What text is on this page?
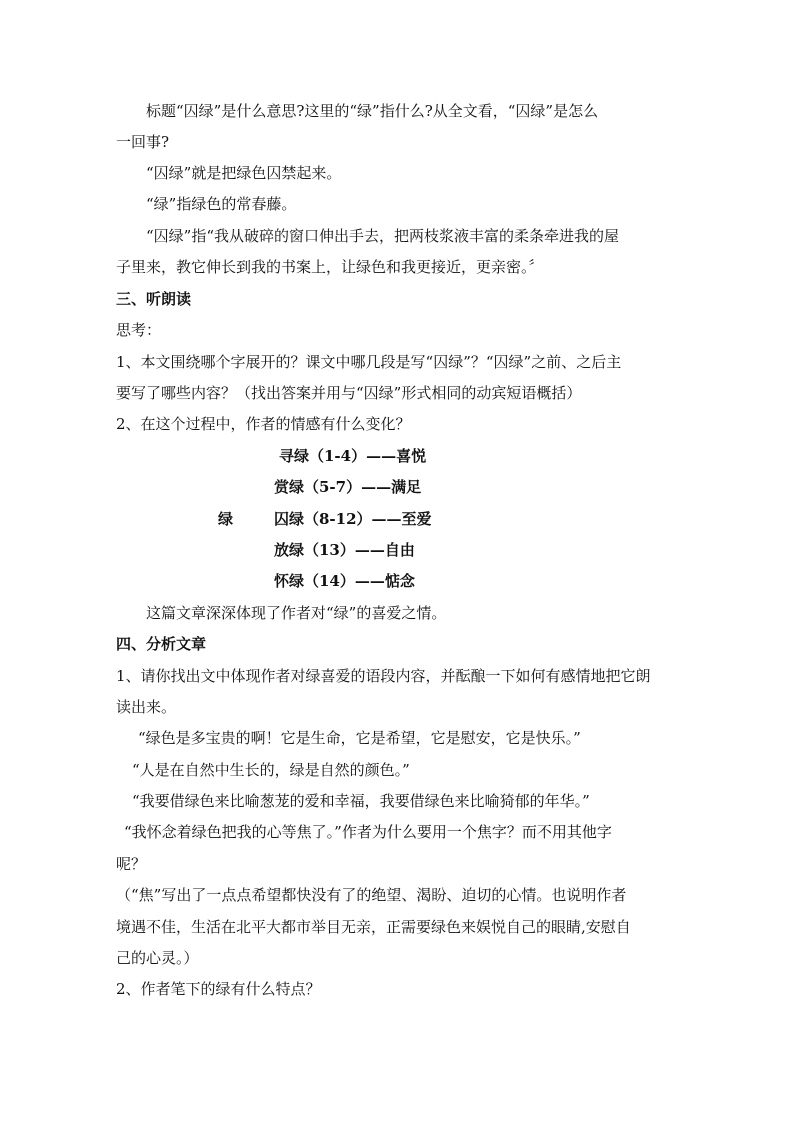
标题“囚绿”是什么意思?这里的“绿”指什么?从全文看，“囚绿”是怎么

一回事?

“囚绿”就是把绿色囚禁起来。

“绿”指绿色的常春藤。

“囚绿”指“我从破碎的窗口伸出手去，把两枝浆液丰富的柔条牵进我的屋

子里来，教它伸长到我的书案上，让绿色和我更接近，更亲密。〞

三、听朗读

思考：

1、本文围绕哪个字展开的？课文中哪几段是写“囚绿”？“囚绿”之前、之后主

要写了哪些内容？（找出答案并用与“囚绿”形式相同的动宾短语概括）

2、在这个过程中，作者的情感有什么变化？

寻绿（1-4）——喜悦

赏绿（5-7）——满足

绿	囚绿（8-12）——至爱

放绿（13）——自由

怀绿（14）——惦念

这篇文章深深体现了作者对“绿”的喜爱之情。

四、分析文章

1、请你找出文中体现作者对绿喜爱的语段内容，并酝酿一下如何有感情地把它朗

读出来。

“绿色是多宝贵的啊！它是生命，它是希望，它是慰安，它是快乐。”

“人是在自然中生长的，绿是自然的颜色。”

“我要借绿色来比喻葱茏的爱和幸福，我要借绿色来比喻猗郁的年华。”

“我怀念着绿色把我的心等焦了。”作者为什么要用一个焦字？而不用其他字

呢？

（“焦”写出了一点点希望都快没有了的绝望、渴盼、迫切的心情。也说明作者

境遇不佳，生活在北平大都市举目无亲，正需要绿色来娱悦自己的眼睛,安慰自

己的心灵。）

2、作者笔下的绿有什么特点？
